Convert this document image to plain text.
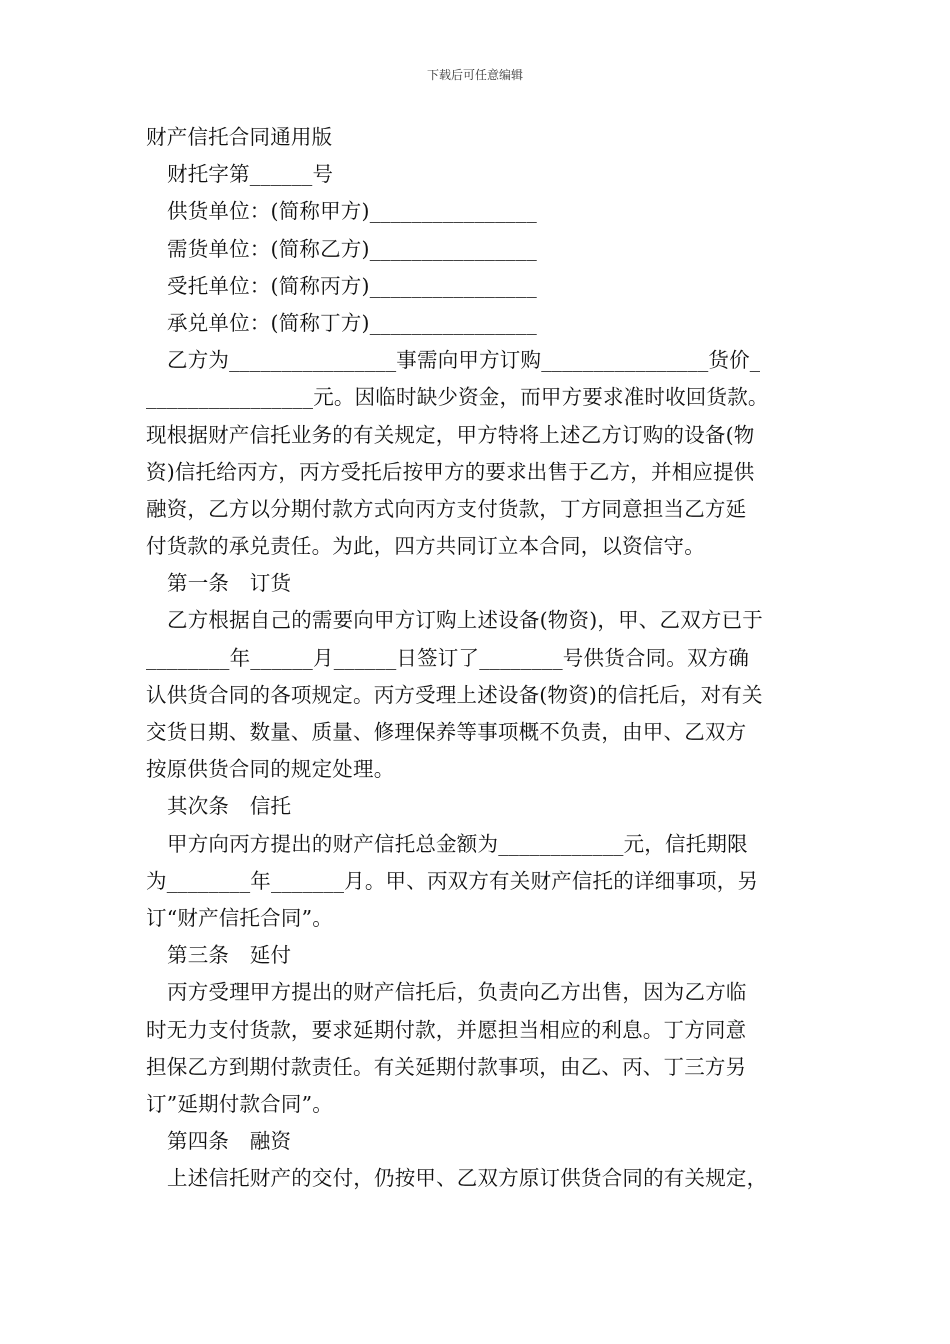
下载后可任意编辑
财产信托合同通用版
财托字第______号
供货单位：(简称甲方)________________
需货单位：(简称乙方)________________
受托单位：(简称丙方)________________
承兑单位：(简称丁方)________________
乙方为________________事需向甲方订购________________货价_
________________元。因临时缺少资金，而甲方要求准时收回货款。
现根据财产信托业务的有关规定，甲方特将上述乙方订购的设备(物
资)信托给丙方，丙方受托后按甲方的要求出售于乙方，并相应提供
融资，乙方以分期付款方式向丙方支付货款，丁方同意担当乙方延
付货款的承兑责任。为此，四方共同订立本合同，以资信守。
第一条　订货
乙方根据自己的需要向甲方订购上述设备(物资)，甲、乙双方已于
________年______月______日签订了________号供货合同。双方确
认供货合同的各项规定。丙方受理上述设备(物资)的信托后，对有关
交货日期、数量、质量、修理保养等事项概不负责，由甲、乙双方
按原供货合同的规定处理。
其次条　信托
甲方向丙方提出的财产信托总金额为____________元，信托期限
为________年_______月。甲、丙双方有关财产信托的详细事项，另
订“财产信托合同”。
第三条　延付
丙方受理甲方提出的财产信托后，负责向乙方出售，因为乙方临
时无力支付货款，要求延期付款，并愿担当相应的利息。丁方同意
担保乙方到期付款责任。有关延期付款事项，由乙、丙、丁三方另
订”延期付款合同”。
第四条　融资
上述信托财产的交付，仍按甲、乙双方原订供货合同的有关规定，
